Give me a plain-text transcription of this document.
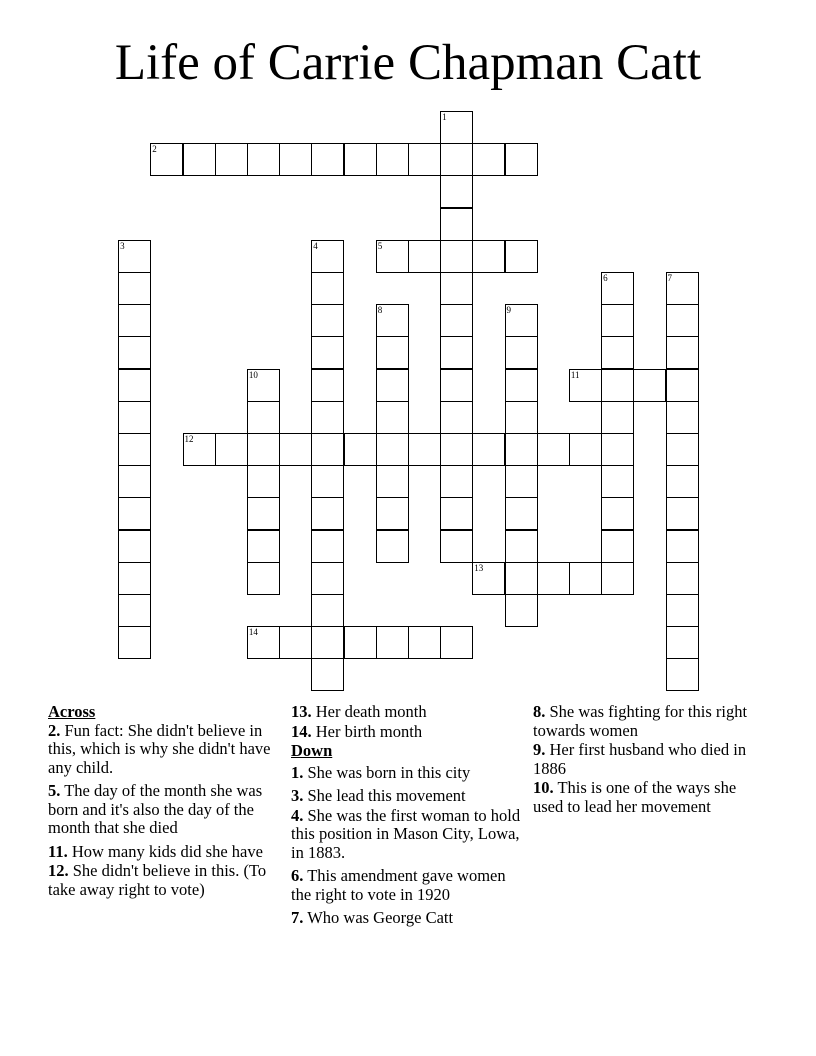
Life of Carrie Chapman Catt
1
2
3	4	5
6	7
8	9
10	11
12
13
14
Across
2. Fun fact: She didn't believe in this, which is why she didn't have any child.
5. The day of the month she was born and it's also the day of the month that she died
11. How many kids did she have
12. She didn't believe in this. (To take away right to vote)
13. Her death month
14. Her birth month
Down
1. She was born in this city
3. She lead this movement
4. She was the first woman to hold this position in Mason City, Lowa, in 1883.
6. This amendment gave women the right to vote in 1920
7. Who was George Catt
8. She was fighting for this right towards women
9. Her first husband who died in 1886
10. This is one of the ways she used to lead her movement
